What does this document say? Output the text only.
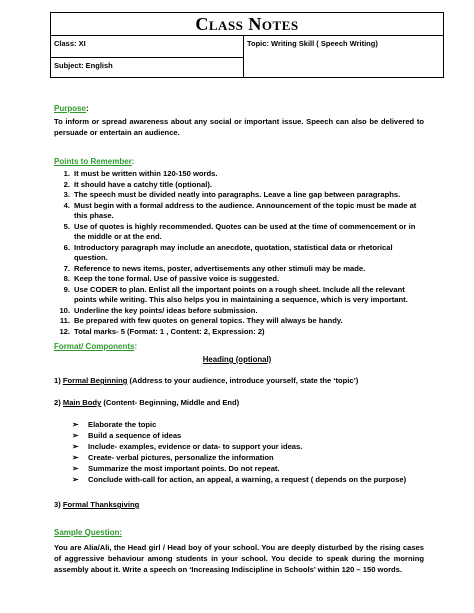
Class Notes
Class: XI	Topic: Writing Skill ( Speech Writing)
Subject: English
Purpose:
To inform or spread awareness about any social or important issue. Speech can also be delivered to persuade or entertain an audience.
Points to Remember:
1. It must be written within 120-150 words.
2. It should have a catchy title (optional).
3. The speech must be divided neatly into paragraphs. Leave a line gap between paragraphs.
4. Must begin with a formal address to the audience. Announcement of the topic must be made at this phase.
5. Use of quotes is highly recommended. Quotes can be used at the time of commencement or in the middle or at the end.
6. Introductory paragraph may include an anecdote, quotation, statistical data or rhetorical question.
7. Reference to news items, poster, advertisements any other stimuli may be made.
8. Keep the tone formal. Use of passive voice is suggested.
9. Use CODER to plan. Enlist all the important points on a rough sheet. Include all the relevant points while writing. This also helps you in maintaining a sequence, which is very important.
10. Underline the key points/ ideas before submission.
11. Be prepared with few quotes on general topics. They will always be handy.
12. Total marks- 5 (Format: 1 , Content: 2, Expression: 2)
Format/ Components:
Heading (optional)
1) Formal Beginning (Address to your audience, introduce yourself, state the ‘topic’)
2) Main Body (Content- Beginning, Middle and End)
➢ Elaborate the topic
➢ Build a sequence of ideas
➢ Include- examples, evidence or data- to support your ideas.
➢ Create- verbal pictures, personalize the information
➢ Summarize the most important points. Do not repeat.
➢ Conclude with-call for action, an appeal, a warning, a request ( depends on the purpose)
3) Formal Thanksgiving
Sample Question:
You are Alia/Ali, the Head girl / Head boy of your school. You are deeply disturbed by the rising cases of aggressive behaviour among students in your school. You decide to speak during the morning assembly about it. Write a speech on ‘Increasing Indiscipline in Schools’ within 120 – 150 words.
